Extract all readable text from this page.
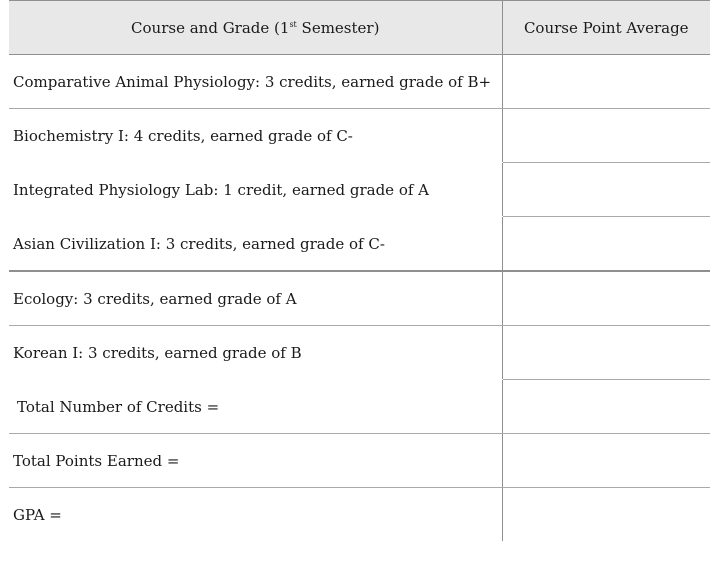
Course and Grade (1st Semester)	Course Point Average
Comparative Animal Physiology: 3 credits, earned grade of B+	
Biochemistry I: 4 credits, earned grade of C-	
Integrated Physiology Lab: 1 credit, earned grade of A	
Asian Civilization I: 3 credits, earned grade of C-	
Ecology: 3 credits, earned grade of A	
Korean I: 3 credits, earned grade of B	
Total Number of Credits =	
Total Points Earned =	
GPA =	
